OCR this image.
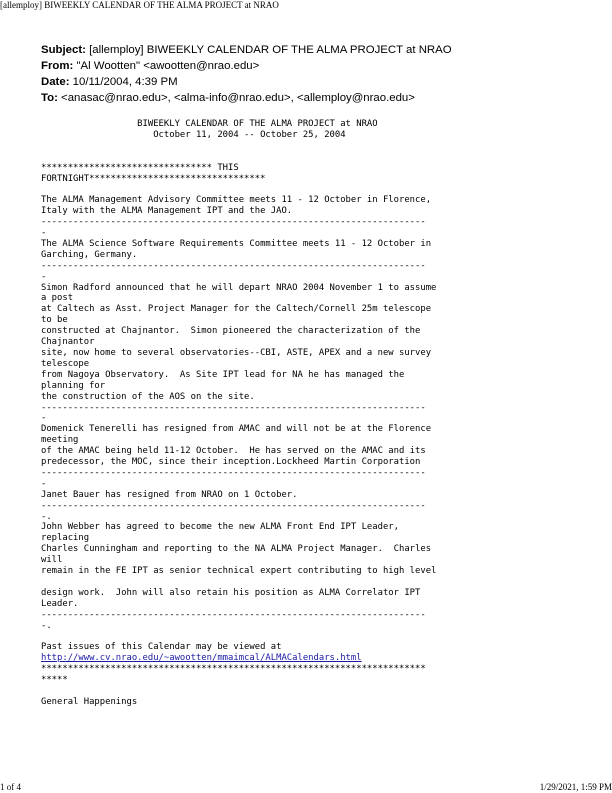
[allemploy] BIWEEKLY CALENDAR OF THE ALMA PROJECT at NRAO
Subject: [allemploy] BIWEEKLY CALENDAR OF THE ALMA PROJECT at NRAO
From: "Al Wootten" <awootten@nrao.edu>
Date: 10/11/2004, 4:39 PM
To: <anasac@nrao.edu>, <alma-info@nrao.edu>, <allemploy@nrao.edu>
BIWEEKLY CALENDAR OF THE ALMA PROJECT at NRAO
October 11, 2004 -- October 25, 2004
******************************** THIS
FORTNIGHT*********************************
The ALMA Management Advisory Committee meets 11 - 12 October in Florence,
Italy with the ALMA Management IPT and the JAO.
------------------------------------------------------------------------
-
The ALMA Science Software Requirements Committee meets 11 - 12 October in
Garching, Germany.
------------------------------------------------------------------------
-
Simon Radford announced that he will depart NRAO 2004 November 1 to assume
a post
at Caltech as Asst. Project Manager for the Caltech/Cornell 25m telescope
to be
constructed at Chajnantor.  Simon pioneered the characterization of the
Chajnantor
site, now home to several observatories--CBI, ASTE, APEX and a new survey
telescope
from Nagoya Observatory.  As Site IPT lead for NA he has managed the
planning for
the construction of the AOS on the site.
------------------------------------------------------------------------
-
Domenick Tenerelli has resigned from AMAC and will not be at the Florence
meeting
of the AMAC being held 11-12 October.  He has served on the AMAC and its
predecessor, the MOC, since their inception.Lockheed Martin Corporation
------------------------------------------------------------------------
-
Janet Bauer has resigned from NRAO on 1 October.
------------------------------------------------------------------------
-.
John Webber has agreed to become the new ALMA Front End IPT Leader,
replacing
Charles Cunningham and reporting to the NA ALMA Project Manager.  Charles
will
remain in the FE IPT as senior technical expert contributing to high level
design work.  John will also retain his position as ALMA Correlator IPT
Leader.
------------------------------------------------------------------------
-.
Past issues of this Calendar may be viewed at
http://www.cv.nrao.edu/~awootten/mmaimcal/ALMACalendars.html
************************************************************************
*****
General Happenings
1 of 4	1/29/2021, 1:59 PM
